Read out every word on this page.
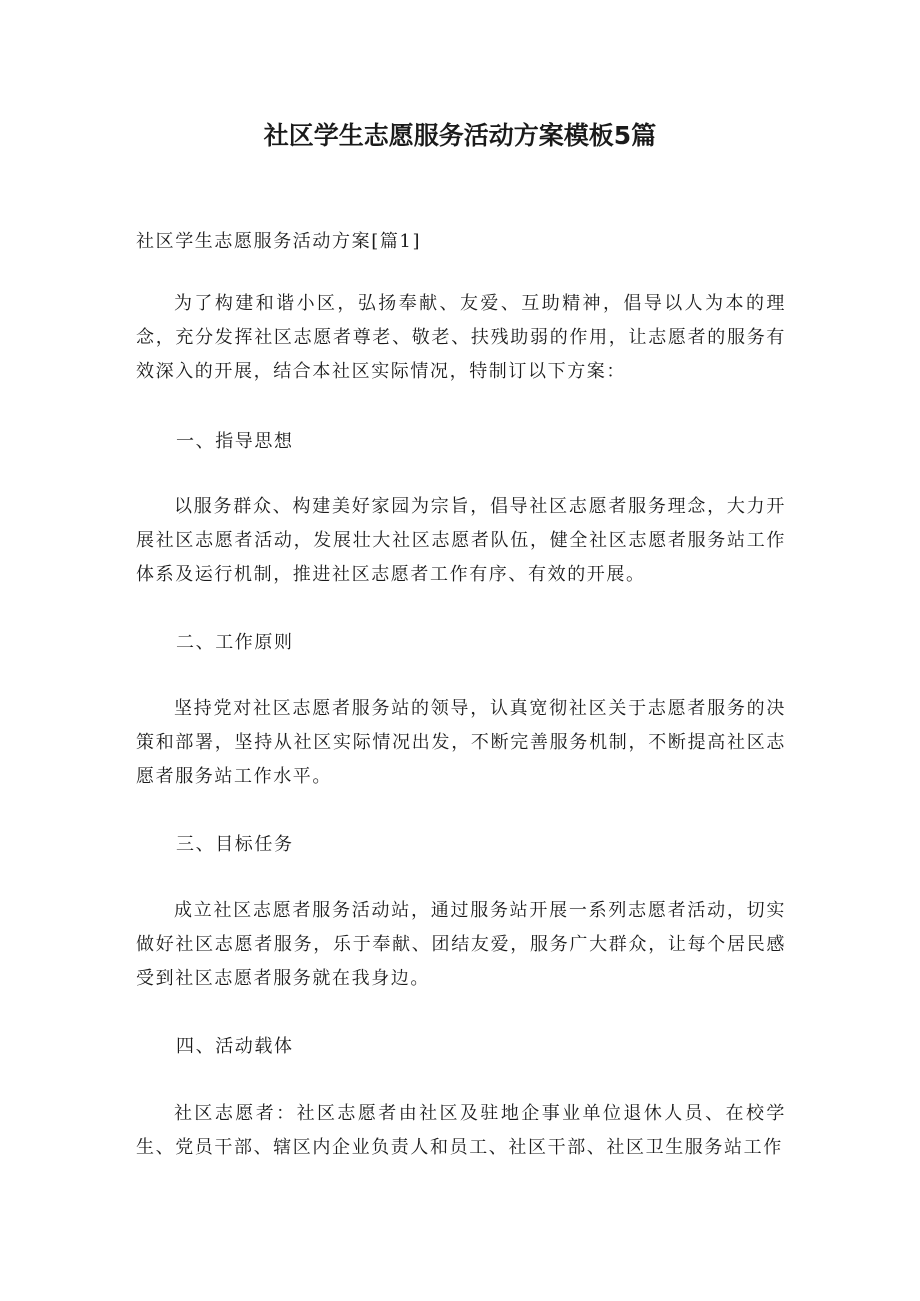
社区学生志愿服务活动方案模板5篇

社区学生志愿服务活动方案[篇1]

为了构建和谐小区，弘扬奉献、友爱、互助精神，倡导以人为本的理念，充分发挥社区志愿者尊老、敬老、扶残助弱的作用，让志愿者的服务有效深入的开展，结合本社区实际情况，特制订以下方案：

一、指导思想

以服务群众、构建美好家园为宗旨，倡导社区志愿者服务理念，大力开展社区志愿者活动，发展壮大社区志愿者队伍，健全社区志愿者服务站工作体系及运行机制，推进社区志愿者工作有序、有效的开展。

二、工作原则

坚持党对社区志愿者服务站的领导，认真宽彻社区关于志愿者服务的决策和部署，坚持从社区实际情况出发，不断完善服务机制，不断提高社区志愿者服务站工作水平。

三、目标任务

成立社区志愿者服务活动站，通过服务站开展一系列志愿者活动，切实做好社区志愿者服务，乐于奉献、团结友爱，服务广大群众，让每个居民感受到社区志愿者服务就在我身边。

四、活动载体

社区志愿者：社区志愿者由社区及驻地企事业单位退休人员、在校学生、党员干部、辖区内企业负责人和员工、社区干部、社区卫生服务站工作
